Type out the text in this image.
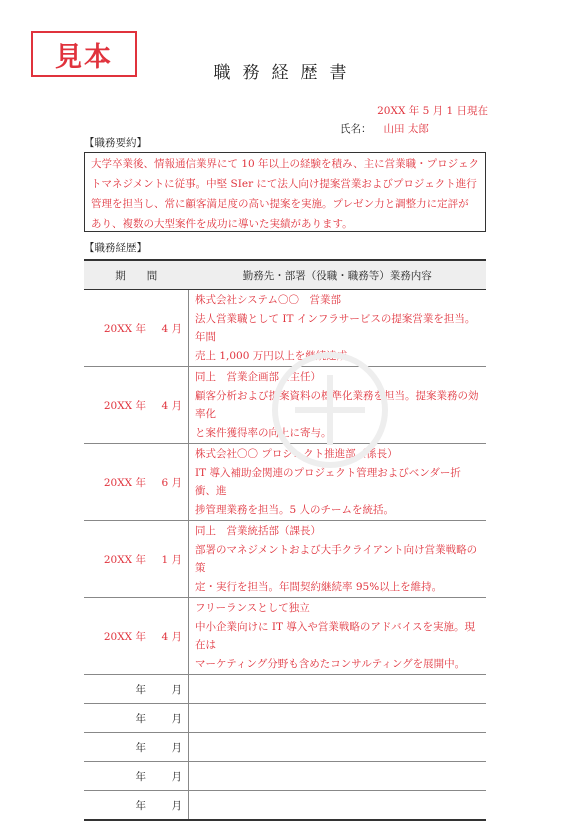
見本
職務経歴書
20XX 年 5 月 1 日現在
氏名： 山田 太郎
【職務要約】
大学卒業後、情報通信業界にて 10 年以上の経験を積み、主に営業職・プロジェクトマネジメントに従事。中堅 SIer にて法人向け提案営業およびプロジェクト進行管理を担当し、常に顧客満足度の高い提案を実施。プレゼン力と調整力に定評があり、複数の大型案件を成功に導いた実績があります。
【職務経歴】
期　　間		勤務先・部署（役職・職務等）業務内容
20XX 年	4 月	株式会社システム〇〇　営業部
法人営業職として IT インフラサービスの提案営業を担当。年間
売上 1,000 万円以上を継続達成。

20XX 年	4 月	同上　営業企画部（主任）
顧客分析および提案資料の標準化業務を担当。提案業務の効率化
と案件獲得率の向上に寄与。

20XX 年	6 月	株式会社〇〇 プロジェクト推進部（係長）
IT 導入補助金関連のプロジェクト管理およびベンダー折衝、進
捗管理業務を担当。5 人のチームを統括。

20XX 年	1 月	同上　営業統括部（課長）
部署のマネジメントおよび大手クライアント向け営業戦略の策
定・実行を担当。年間契約継続率 95%以上を維持。

20XX 年	4 月	フリーランスとして独立
中小企業向けに IT 導入や営業戦略のアドバイスを実施。現在は
マーケティング分野も含めたコンサルティングを展開中。

年	月	
年	月	
年	月	
年	月	
年	月	
